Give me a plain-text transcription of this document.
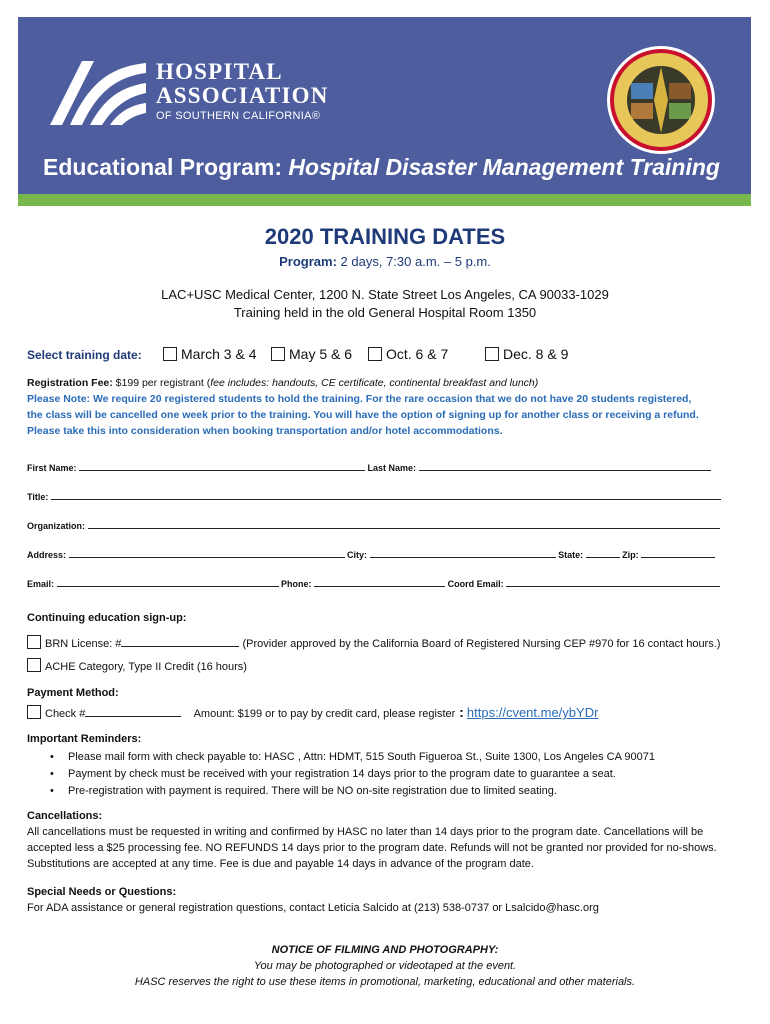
HOSPITAL
ASSOCIATION
OF SOUTHERN CALIFORNIA®
Educational Program: Hospital Disaster Management Training
2020 TRAINING DATES
Program: 2 days, 7:30 a.m. – 5 p.m.
LAC+USC Medical Center, 1200 N. State Street Los Angeles, CA 90033-1029
Training held in the old General Hospital Room 1350
Select training date:	March 3 & 4	May 5 & 6	Oct. 6 & 7	Dec. 8 & 9
Registration Fee: $199 per registrant (fee includes: handouts, CE certificate, continental breakfast and lunch)
Please Note: We require 20 registered students to hold the training. For the rare occasion that we do not have 20 students registered,
the class will be cancelled one week prior to the training. You will have the option of signing up for another class or receiving a refund.
Please take this into consideration when booking transportation and/or hotel accommodations.
First Name:	Last Name:
Title:
Organization:
Address:	City:	State:	Zip:
Email:	Phone:	Coord Email:
Continuing education sign-up:
BRN License: #	(Provider approved by the California Board of Registered Nursing CEP #970 for 16 contact hours.)
ACHE Category, Type II Credit (16 hours)
Payment Method:
Check #	Amount: $199 or to pay by credit card, please register : https://cvent.me/ybYDr
Important Reminders:
• Please mail form with check payable to: HASC , Attn: HDMT, 515 South Figueroa St., Suite 1300, Los Angeles CA 90071
• Payment by check must be received with your registration 14 days prior to the program date to guarantee a seat.
• Pre-registration with payment is required. There will be NO on-site registration due to limited seating.
Cancellations:
All cancellations must be requested in writing and confirmed by HASC no later than 14 days prior to the program date. Cancellations will be
accepted less a $25 processing fee. NO REFUNDS 14 days prior to the program date. Refunds will not be granted nor provided for no-shows.
Substitutions are accepted at any time. Fee is due and payable 14 days in advance of the program date.
Special Needs or Questions:
For ADA assistance or general registration questions, contact Leticia Salcido at (213) 538-0737 or Lsalcido@hasc.org
NOTICE OF FILMING AND PHOTOGRAPHY:
You may be photographed or videotaped at the event.
HASC reserves the right to use these items in promotional, marketing, educational and other materials.
